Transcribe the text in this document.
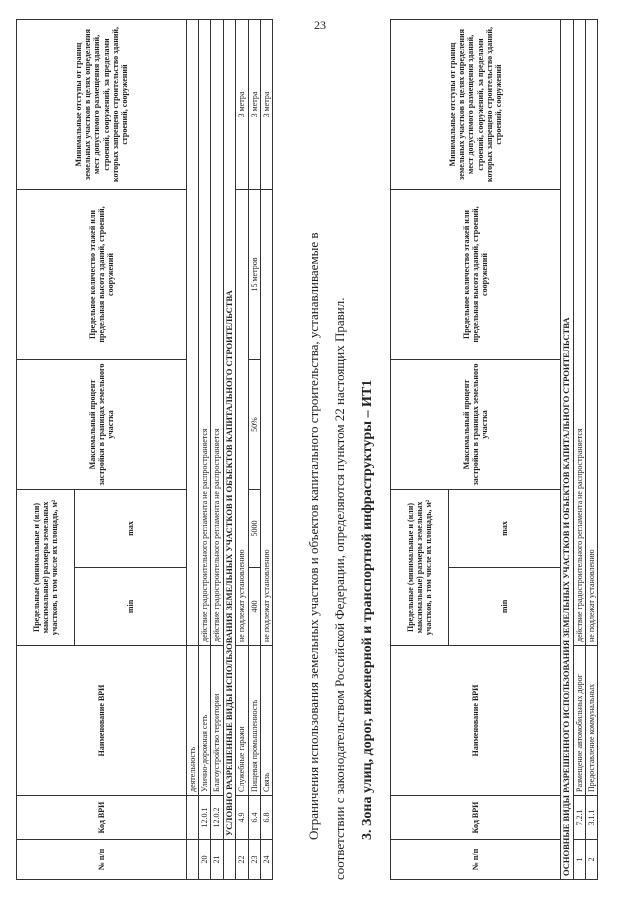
23
№ п/п	Код ВРИ	Наименование ВРИ	Предельные (минимальные и (или) максимальные) размеры земельных участков, в том числе их площадь, м²		Максимальный процент застройки в границах земельного участка	Предельное количество этажей или предельная высота зданий, строений, сооружений	Минимальные отступы от границ земельных участков в целях определения мест допустимого размещения зданий, строений, сооружений, за пределами которых запрещено строительство зданий, строений, сооружений
			min	max			
		деятельность					
20	12.0.1	Улично-дорожная сеть	действие градостроительного регламента не распространяется				
21	12.0.2	Благоустройство территории	действие градостроительного регламента не распространяется				
	УСЛОВНО РАЗРЕШЕННЫЕ ВИДЫ ИСПОЛЬЗОВАНИЯ ЗЕМЕЛЬНЫХ УЧАСТКОВ И ОБЪЕКТОВ КАПИТАЛЬНОГО СТРОИТЕЛЬСТВА						
22	4.9	Служебные гаражи	не подлежат установлению				3 метра
23	6.4	Пищевая промышленность	400	5000	50%	15 метров	3 метра
24	6.8	Связь	не подлежат установлению				3 метра
Ограничения использования земельных участков и объектов капитального строительства, устанавливаемые в соответствии с законодательством Российской Федерации, определяются пунктом 22 настоящих Правил. 3. Зона улиц, дорог, инженерной и транспортной инфраструктуры – ИТ1
№ п/п	Код ВРИ	Наименование ВРИ	Предельные (минимальные и (или) максимальные) размеры земельных участков, в том числе их площадь, м²		Максимальный процент застройки в границах земельного участка	Предельное количество этажей или предельная высота зданий, строений, сооружений	Минимальные отступы от границ земельных участков в целях определения мест допустимого размещения зданий, строений, сооружений, за пределами которых запрещено строительство зданий, строений, сооружений
			min	max			
ОСНОВНЫЕ ВИДЫ РАЗРЕШЕННОГО ИСПОЛЬЗОВАНИЯ ЗЕМЕЛЬНЫХ УЧАСТКОВ И ОБЪЕКТОВ КАПИТАЛЬНОГО СТРОИТЕЛЬСТВА							
1	7.2.1	Размещение автомобильных дорог	действие градостроительного регламента не распространяется				
2	3.1.1	Предоставление коммунальных	не подлежат установлению				
